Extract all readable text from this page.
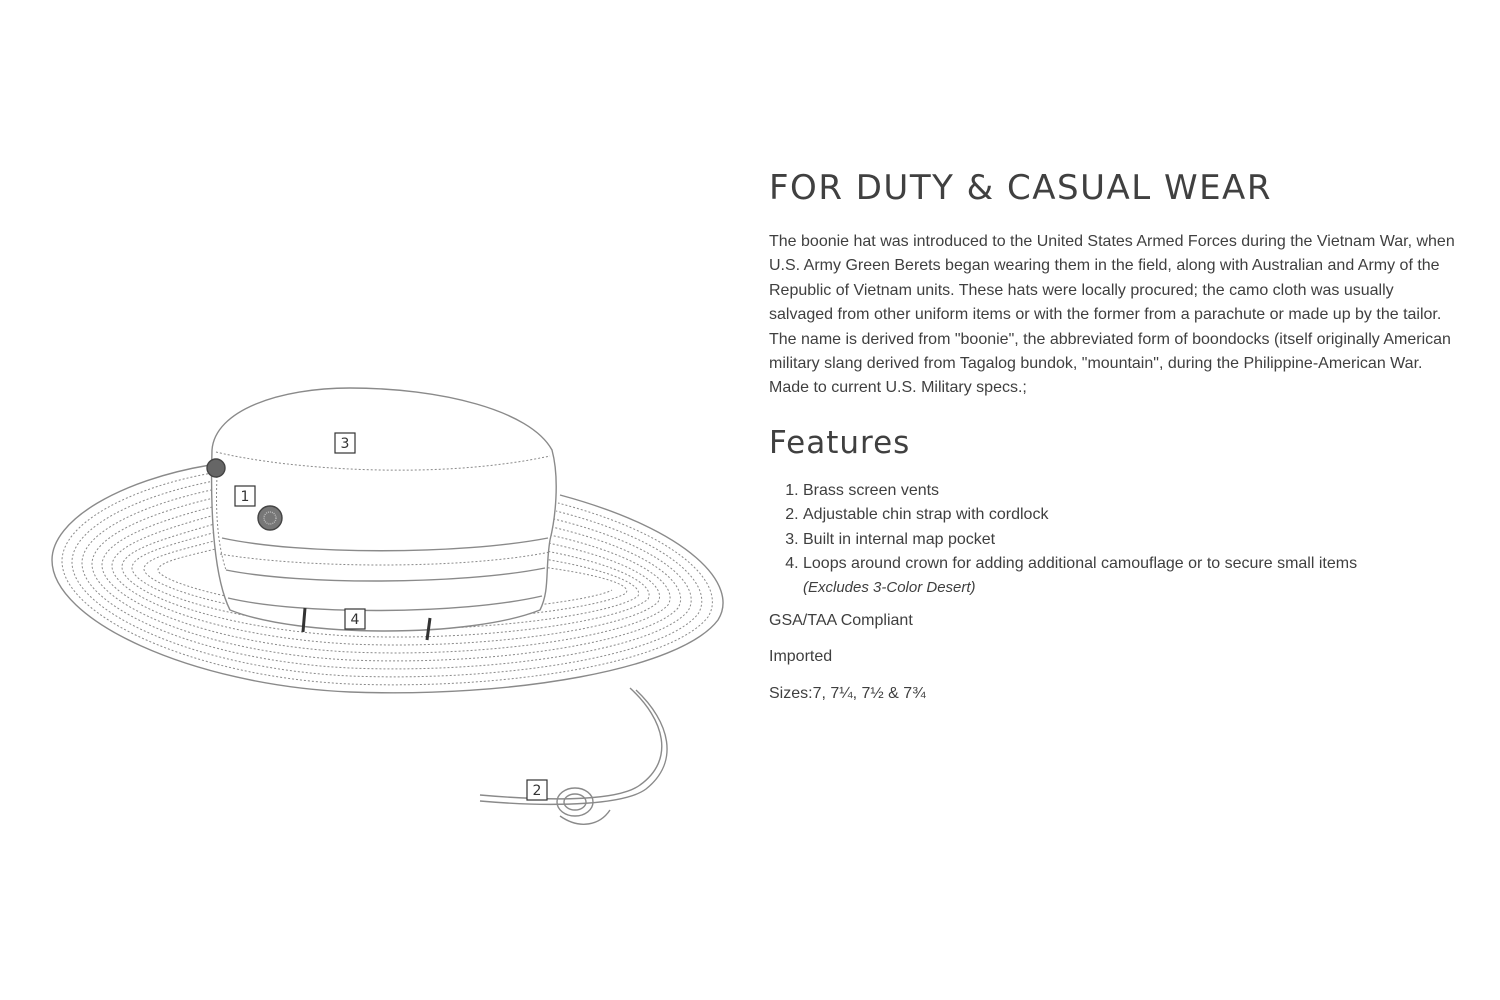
3
1
4
2
FOR DUTY & CASUAL WEAR

The boonie hat was introduced to the United States Armed Forces during the Vietnam War, when U.S. Army Green Berets began wearing them in the field, along with Australian and Army of the Republic of Vietnam units. These hats were locally procured; the camo cloth was usually salvaged from other uniform items or with the former from a parachute or made up by the tailor. The name is derived from "boonie", the abbreviated form of boondocks (itself originally American military slang derived from Tagalog bundok, "mountain", during the Philippine-American War. Made to current U.S. Military specs.;

Features
1. Brass screen vents
2. Adjustable chin strap with cordlock
3. Built in internal map pocket
4. Loops around crown for adding additional camouflage or to secure small items
(Excludes 3-Color Desert)

GSA/TAA Compliant

Imported

Sizes:7, 7¼, 7½ & 7¾
